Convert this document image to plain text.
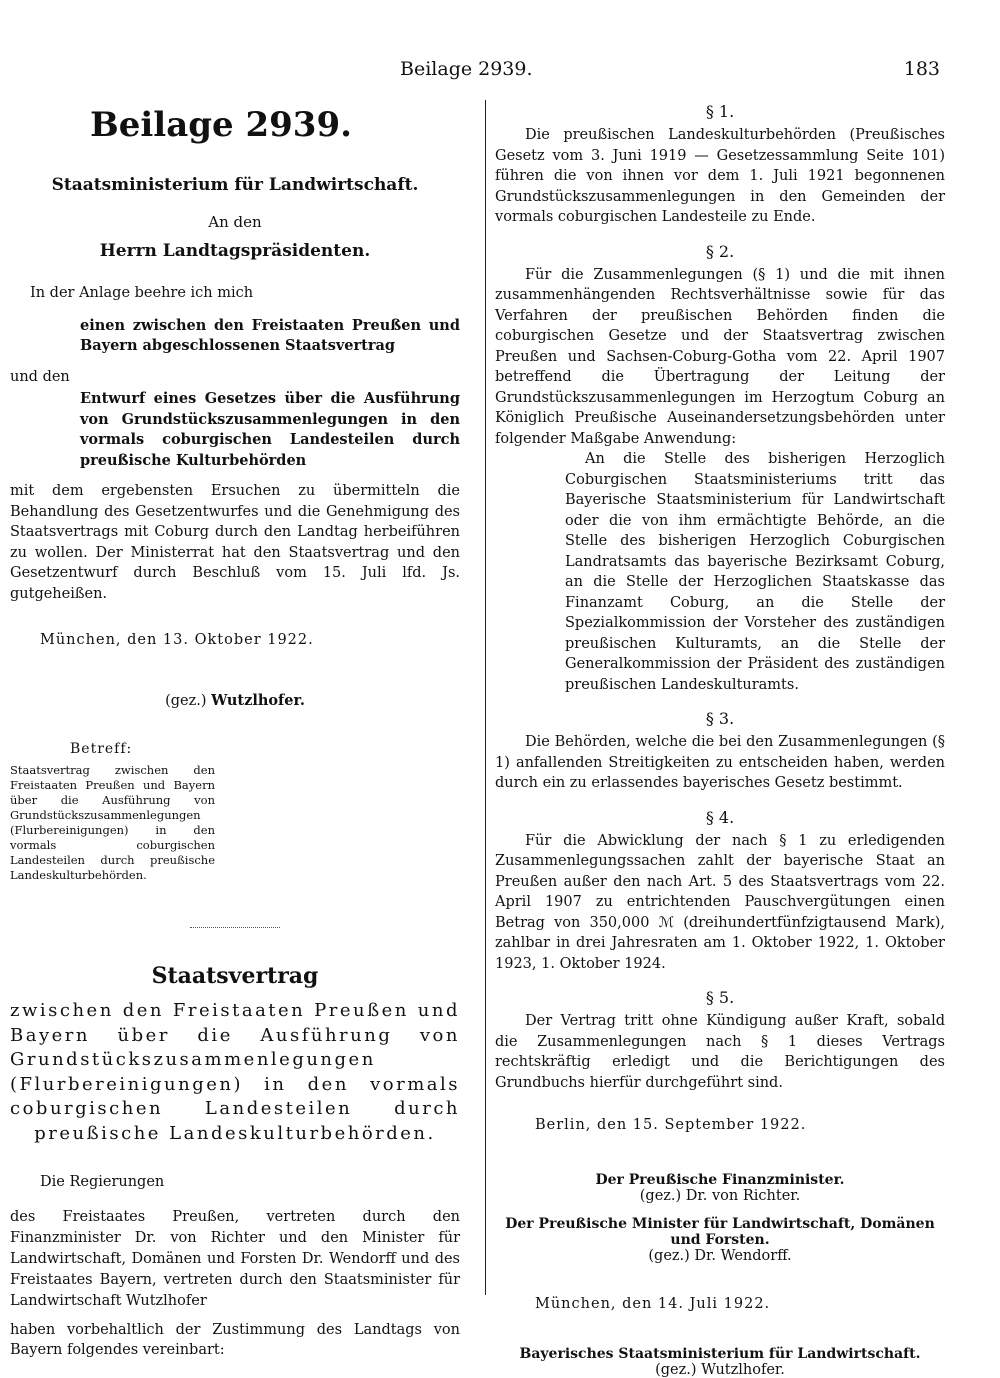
Beilage 2939.	183
Beilage 2939.
Staatsministerium für Landwirtschaft.
An den
Herrn Landtagspräsidenten.
In der Anlage beehre ich mich
einen zwischen den Freistaaten Preußen und Bayern abgeschlossenen Staatsvertrag
und den
Entwurf eines Gesetzes über die Ausführung von Grundstückszusammenlegungen in den vormals coburgischen Landesteilen durch preußische Kulturbehörden
mit dem ergebensten Ersuchen zu übermitteln die Behandlung des Gesetzentwurfes und die Genehmigung des Staatsvertrags mit Coburg durch den Landtag herbeiführen zu wollen. Der Ministerrat hat den Staatsvertrag und den Gesetzentwurf durch Beschluß vom 15. Juli lfd. Js. gutgeheißen.
München, den 13. Oktober 1922.
(gez.) Wutzlhofer.
Betreff:
Staatsvertrag zwischen den Freistaaten Preußen und Bayern über die Ausführung von Grundstückszusammenlegungen (Flurbereinigungen) in den vormals coburgischen Landesteilen durch preußische Landeskulturbehörden.
Staatsvertrag
zwischen den Freistaaten Preußen und Bayern über die Ausführung von Grundstückszusammenlegungen (Flurbereinigungen) in den vormals coburgischen Landesteilen durch preußische Landeskulturbehörden.
Die Regierungen
des Freistaates Preußen, vertreten durch den Finanzminister Dr. von Richter und den Minister für Landwirtschaft, Domänen und Forsten Dr. Wendorff und des Freistaates Bayern, vertreten durch den Staatsminister für Landwirtschaft Wutzlhofer
haben vorbehaltlich der Zustimmung des Landtags von Bayern folgendes vereinbart:
§ 1.
Die preußischen Landeskulturbehörden (Preußisches Gesetz vom 3. Juni 1919 — Gesetzessammlung Seite 101) führen die von ihnen vor dem 1. Juli 1921 begonnenen Grundstückszusammenlegungen in den Gemeinden der vormals coburgischen Landesteile zu Ende.
§ 2.
Für die Zusammenlegungen (§ 1) und die mit ihnen zusammenhängenden Rechtsverhältnisse sowie für das Verfahren der preußischen Behörden finden die coburgischen Gesetze und der Staatsvertrag zwischen Preußen und Sachsen-Coburg-Gotha vom 22. April 1907 betreffend die Übertragung der Leitung der Grundstückszusammenlegungen im Herzogtum Coburg an Königlich Preußische Auseinandersetzungsbehörden unter folgender Maßgabe Anwendung:
An die Stelle des bisherigen Herzoglich Coburgischen Staatsministeriums tritt das Bayerische Staatsministerium für Landwirtschaft oder die von ihm ermächtigte Behörde, an die Stelle des bisherigen Herzoglich Coburgischen Landratsamts das bayerische Bezirksamt Coburg, an die Stelle der Herzoglichen Staatskasse das Finanzamt Coburg, an die Stelle der Spezialkommission der Vorsteher des zuständigen preußischen Kulturamts, an die Stelle der Generalkommission der Präsident des zuständigen preußischen Landeskulturamts.
§ 3.
Die Behörden, welche die bei den Zusammenlegungen (§ 1) anfallenden Streitigkeiten zu entscheiden haben, werden durch ein zu erlassendes bayerisches Gesetz bestimmt.
§ 4.
Für die Abwicklung der nach § 1 zu erledigenden Zusammenlegungssachen zahlt der bayerische Staat an Preußen außer den nach Art. 5 des Staatsvertrags vom 22. April 1907 zu entrichtenden Pauschvergütungen einen Betrag von 350,000 ℳ (dreihundertfünfzigtausend Mark), zahlbar in drei Jahresraten am 1. Oktober 1922, 1. Oktober 1923, 1. Oktober 1924.
§ 5.
Der Vertrag tritt ohne Kündigung außer Kraft, sobald die Zusammenlegungen nach § 1 dieses Vertrags rechtskräftig erledigt und die Berichtigungen des Grundbuchs hierfür durchgeführt sind.
Berlin, den 15. September 1922.
Der Preußische Finanzminister.
(gez.) Dr. von Richter.
Der Preußische Minister für Landwirtschaft, Domänen und Forsten.
(gez.) Dr. Wendorff.
München, den 14. Juli 1922.
Bayerisches Staatsministerium für Landwirtschaft.
(gez.) Wutzlhofer.
